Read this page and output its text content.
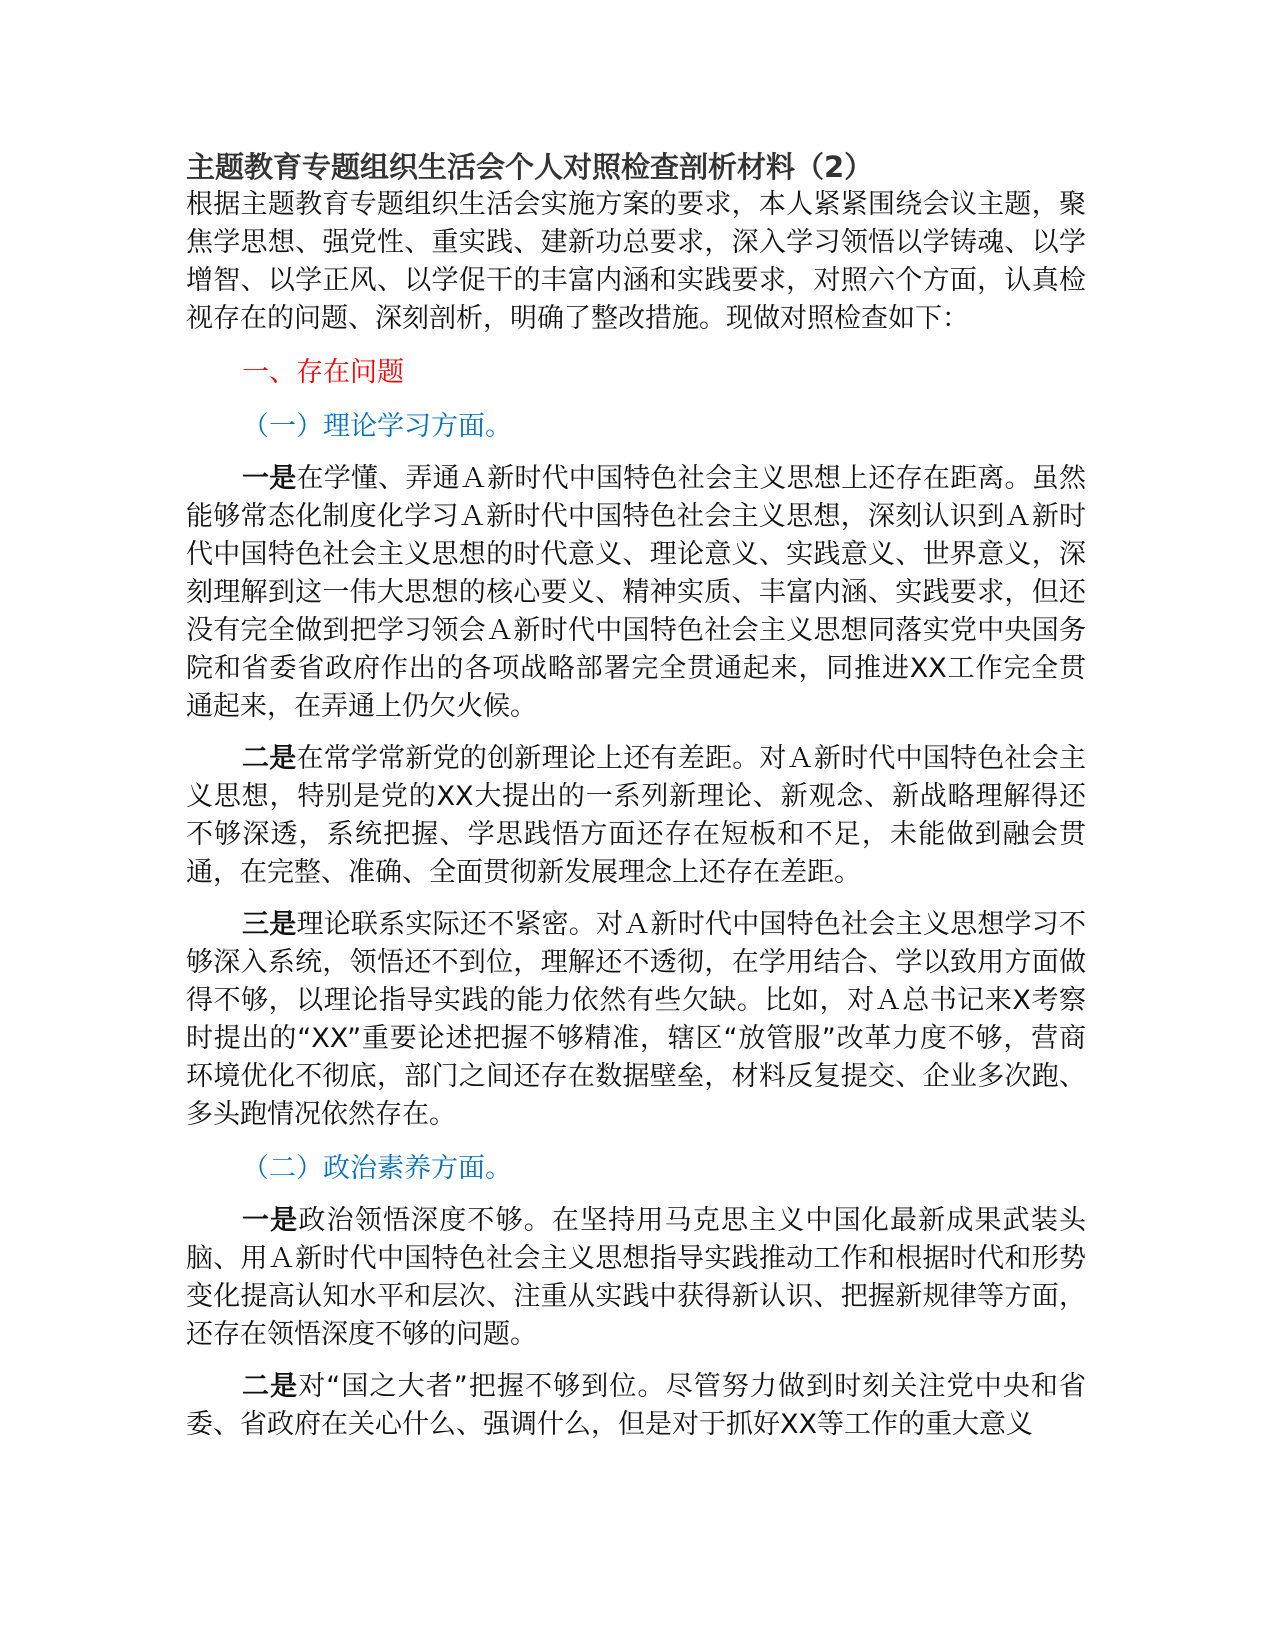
主题教育专题组织生活会个人对照检查剖析材料（2）

根据主题教育专题组织生活会实施方案的要求，本人紧紧围绕会议主题，聚焦学思想、强党性、重实践、建新功总要求，深入学习领悟以学铸魂、以学增智、以学正风、以学促干的丰富内涵和实践要求，对照六个方面，认真检视存在的问题、深刻剖析，明确了整改措施。现做对照检查如下：

一、存在问题

（一）理论学习方面。

一是在学懂、弄通Ａ新时代中国特色社会主义思想上还存在距离。虽然能够常态化制度化学习Ａ新时代中国特色社会主义思想，深刻认识到Ａ新时代中国特色社会主义思想的时代意义、理论意义、实践意义、世界意义，深刻理解到这一伟大思想的核心要义、精神实质、丰富内涵、实践要求，但还没有完全做到把学习领会Ａ新时代中国特色社会主义思想同落实党中央国务院和省委省政府作出的各项战略部署完全贯通起来，同推进XX工作完全贯通起来，在弄通上仍欠火候。

二是在常学常新党的创新理论上还有差距。对Ａ新时代中国特色社会主义思想，特别是党的XX大提出的一系列新理论、新观念、新战略理解得还不够深透，系统把握、学思践悟方面还存在短板和不足，未能做到融会贯通，在完整、准确、全面贯彻新发展理念上还存在差距。

三是理论联系实际还不紧密。对Ａ新时代中国特色社会主义思想学习不够深入系统，领悟还不到位，理解还不透彻，在学用结合、学以致用方面做得不够，以理论指导实践的能力依然有些欠缺。比如，对Ａ总书记来X考察时提出的“XX”重要论述把握不够精准，辖区“放管服”改革力度不够，营商环境优化不彻底，部门之间还存在数据壁垒，材料反复提交、企业多次跑、多头跑情况依然存在。

（二）政治素养方面。

一是政治领悟深度不够。在坚持用马克思主义中国化最新成果武装头脑、用Ａ新时代中国特色社会主义思想指导实践推动工作和根据时代和形势变化提高认知水平和层次、注重从实践中获得新认识、把握新规律等方面，还存在领悟深度不够的问题。

二是对“国之大者”把握不够到位。尽管努力做到时刻关注党中央和省委、省政府在关心什么、强调什么，但是对于抓好XX等工作的重大意义
